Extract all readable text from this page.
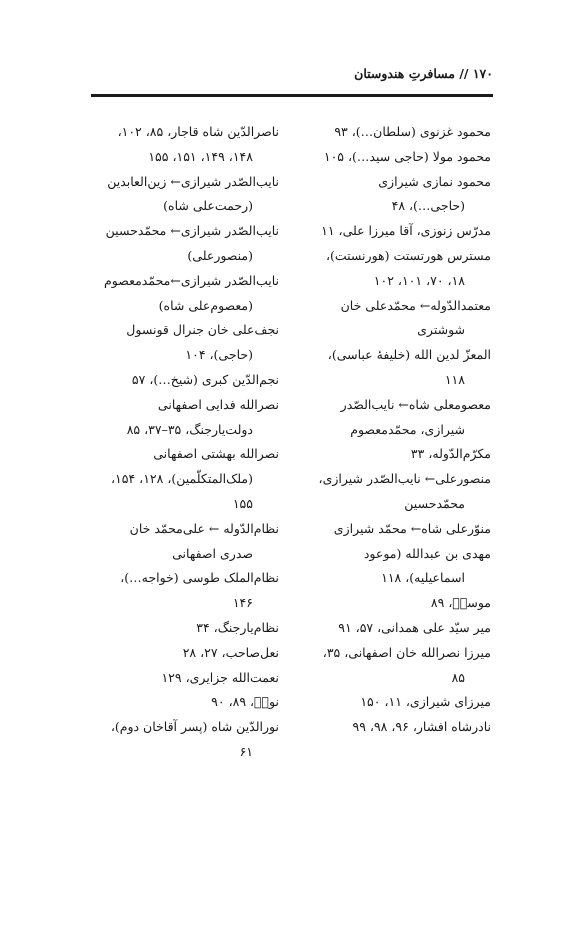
۱۷۰ // مسافرتِ هندوستان
محمود غزنوی (سلطان…)، ۹۳
محمود مولا (حاجی سید…)، ۱۰۵
محمود نمازی شیرازی
(حاجی…)، ۴۸
مدرّس زنوزی، آقا میرزا علی، ۱۱
مسترس هورتستت (هورنستت)،
۱۸، ۷۰، ۱۰۱، ۱۰۲
معتمدالدّوله← محمّدعلی خان
شوشتری
المعزّ لدین الله (خلیفهٔ عباسی)،
۱۱۸
معصومعلی شاه← نایب‌الصّدر
شیرازی، محمّدمعصوم
مکرّم‌الدّوله، ۳۳
منصورعلی← نایب‌الصّدر شیرازی،
محمّدحسین
منوّرعلی شاه← محمّد شیرازی
مهدی بن عبدالله (موعود
اسماعیلیه)، ۱۱۸
موسیؑ، ۸۹
میر سیّد علی همدانی، ۵۷، ۹۱
میرزا نصرالله خان اصفهانی، ۳۵،
۸۵
میرزای شیرازی، ۱۱، ۱۵۰
نادرشاه افشار، ۹۶، ۹۸، ۹۹
ناصرالدّین شاه قاجار، ۸۵، ۱۰۲،
۱۴۸، ۱۴۹، ۱۵۱، ۱۵۵
نایب‌الصّدر شیرازی← زین‌العابدین
(رحمت‌علی شاه)
نایب‌الصّدر شیرازی← محمّدحسین
(منصورعلی)
نایب‌الصّدر شیرازی←محمّدمعصوم
(معصوم‌علی شاه)
نجف‌علی خان جنرال قونسول
(حاجی)، ۱۰۴
نجم‌الدّین کبری (شیخ…)، ۵۷
نصرالله فدایی اصفهانی
دولت‌یارجنگ، ۳۵–۳۷، ۸۵
نصرالله بهشتی اصفهانی
(ملک‌المتکلّمین)، ۱۲۸، ۱۵۴،
۱۵۵
نظام‌الدّوله ← علی‌محمّد خان
صدری اصفهانی
نظام‌الملک طوسی (خواجه…)،
۱۴۶
نظام‌یارجنگ، ۳۴
نعل‌صاحب، ۲۷، ۲۸
نعمت‌الله جزایری، ۱۲۹
نوحؑ، ۸۹، ۹۰
نورالدّین شاه (پسر آقاخان دوم)،
۶۱
